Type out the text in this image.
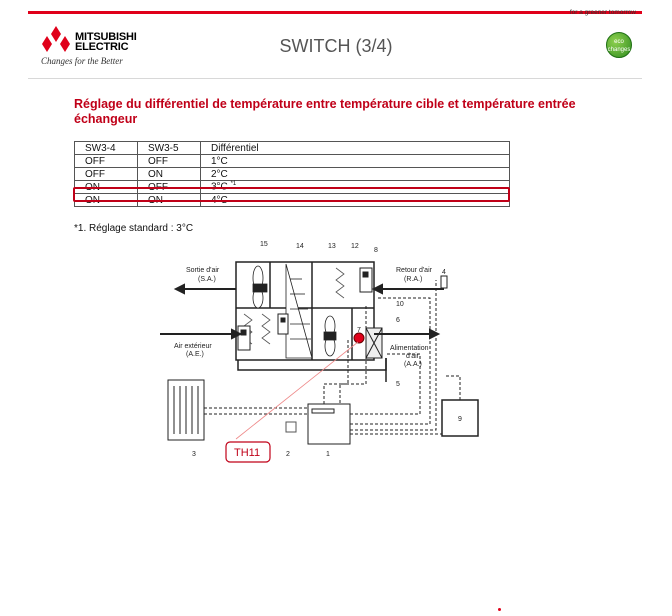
MITSUBISHI
ELECTRIC
Changes for the Better
SWITCH (3/4)
for a greener tomorrow
eco changes
Réglage du différentiel de température entre température cible et température entrée échangeur
SW3-4	SW3-5	Différentiel
OFF	OFF	1°C
OFF	ON	2°C
ON	OFF	3°C $^{*1}$
ON	ON	4°C
*1. Réglage standard : 3°C
15	14	13 12
8
4
10
7
6
5
9
3	2	1
Sortie d'air
(S.A.)
Retour d'air
(R.A.)
Air extérieur
(A.E.)
Alimentation
d'air
(A.A.)
TH11
